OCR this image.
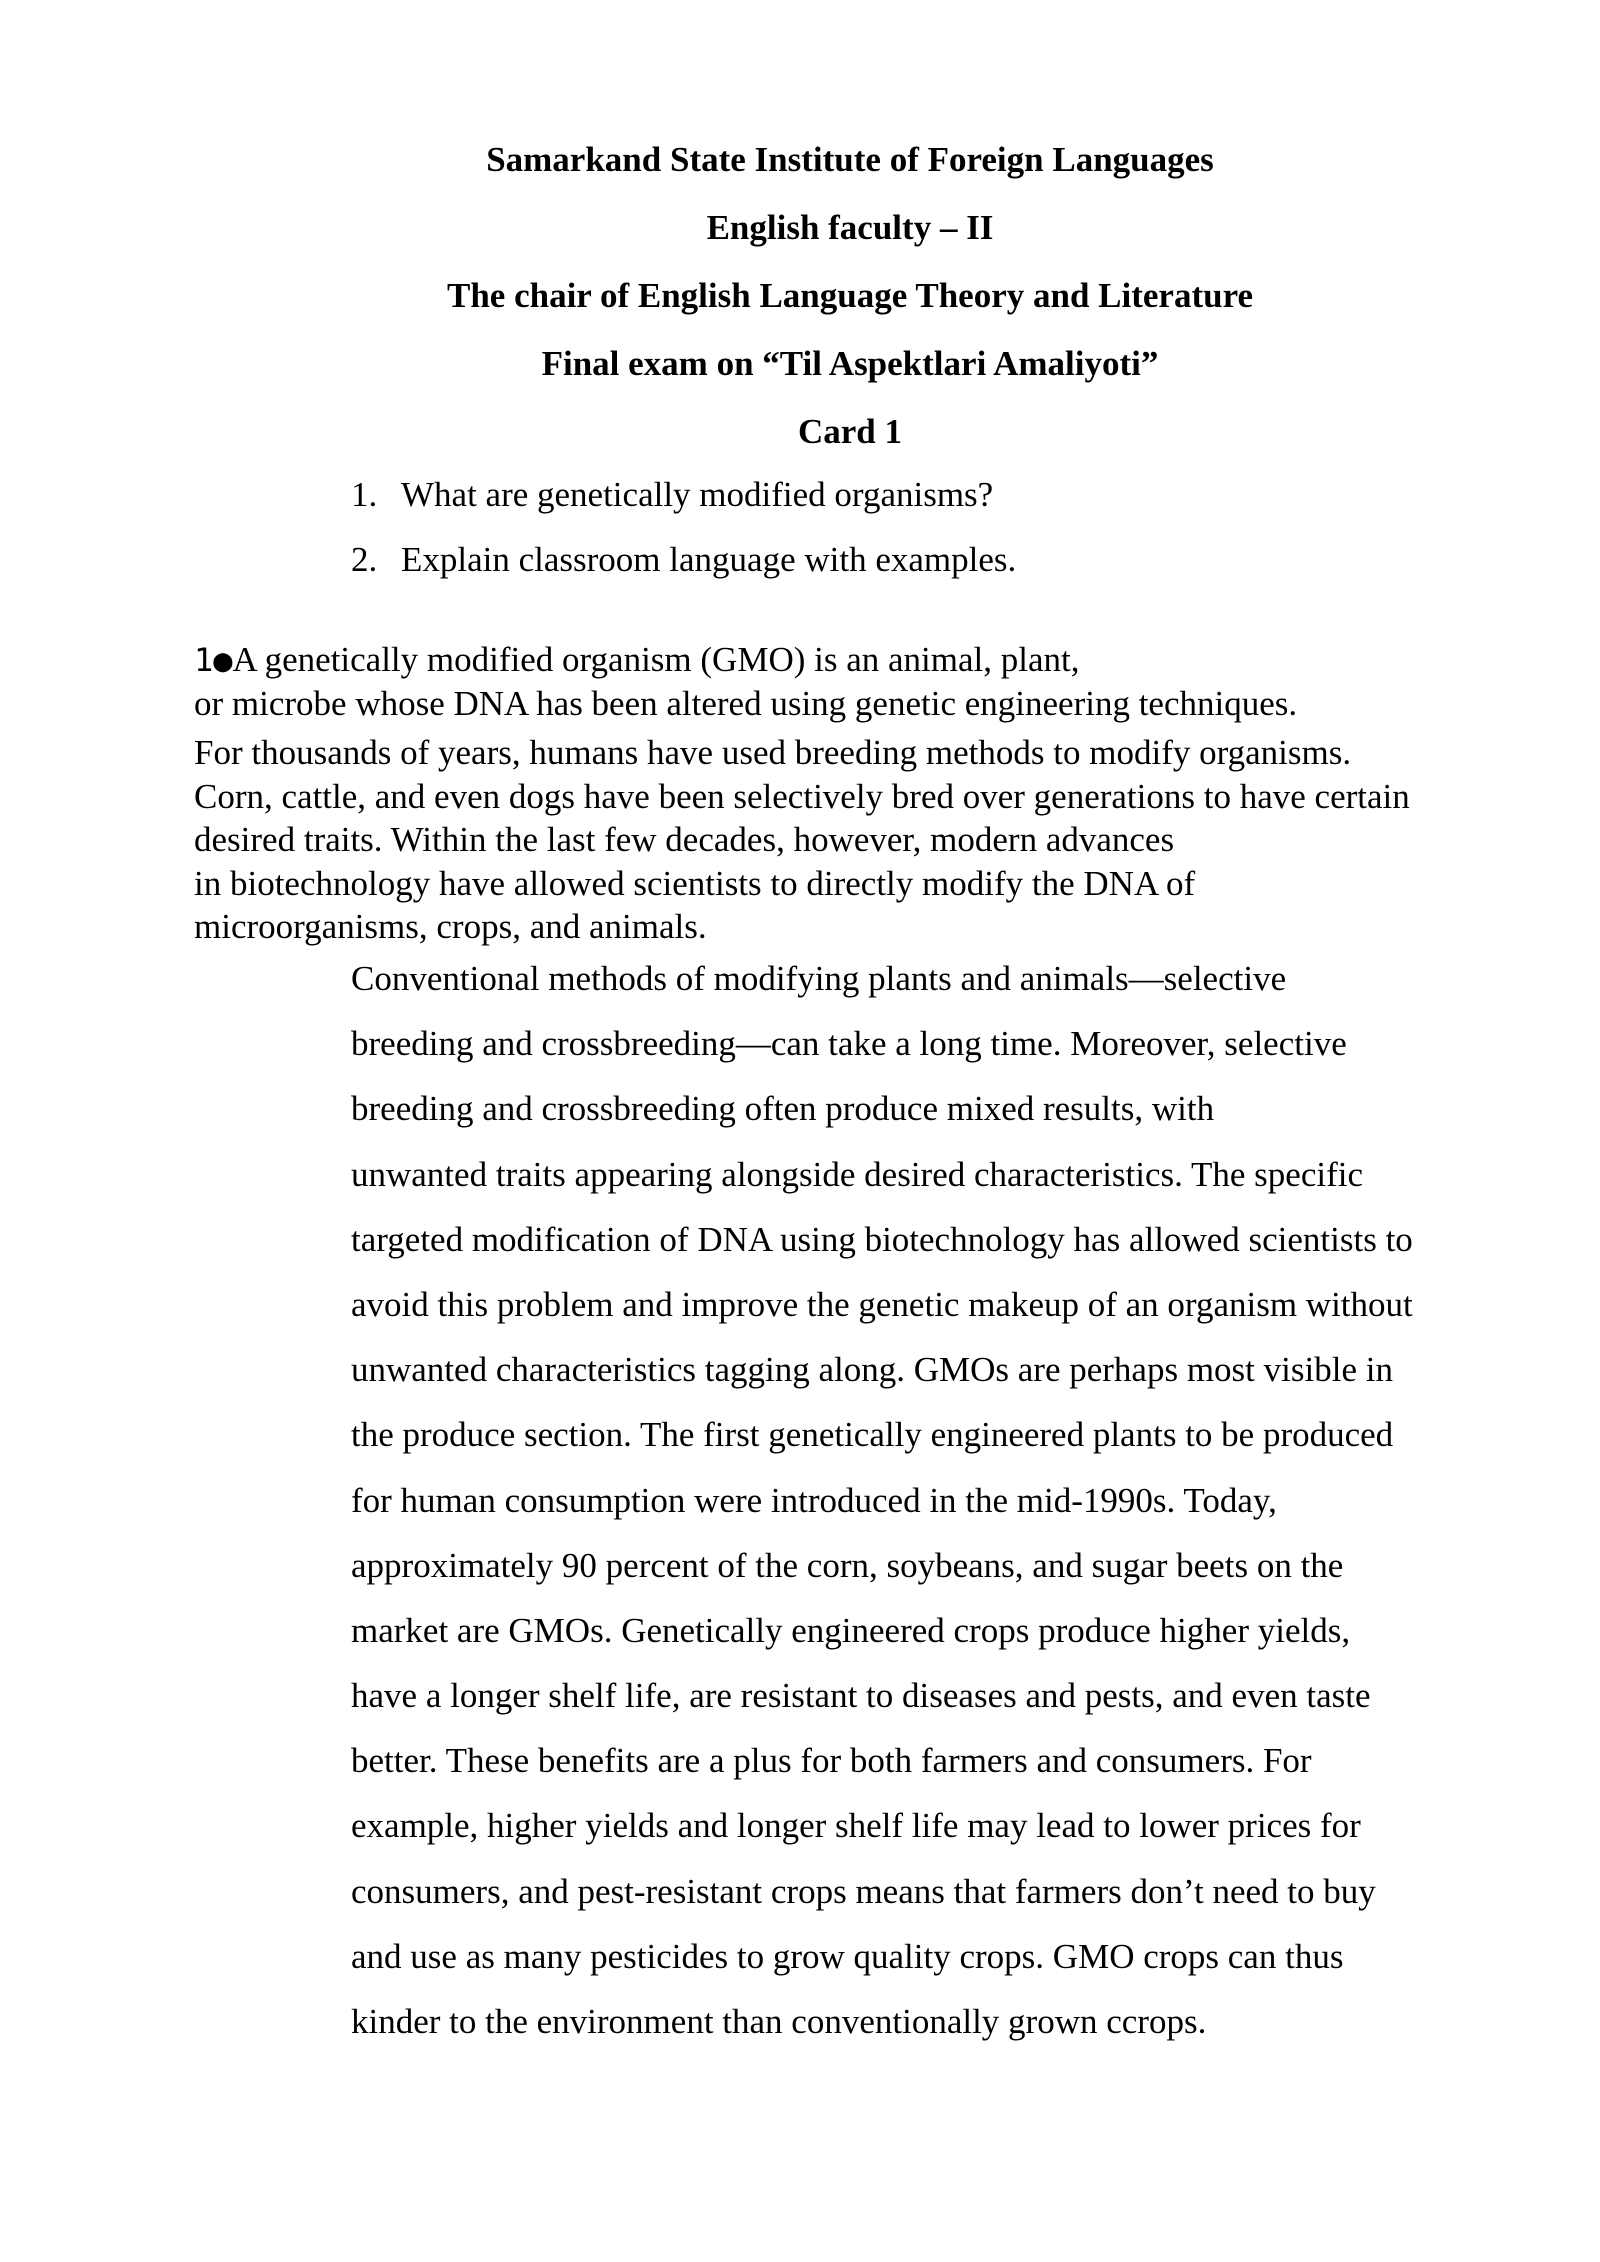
Samarkand State Institute of Foreign Languages
English faculty – II
The chair of English Language Theory and Literature
Final exam on “Til Aspektlari Amaliyoti”
Card 1
1. What are genetically modified organisms?
2. Explain classroom language with examples.
1●A genetically modified organism (GMO) is an animal, plant,
or microbe whose DNA has been altered using genetic engineering techniques.
For thousands of years, humans have used breeding methods to modify organisms.
Corn, cattle, and even dogs have been selectively bred over generations to have certain
desired traits. Within the last few decades, however, modern advances
in biotechnology have allowed scientists to directly modify the DNA of
microorganisms, crops, and animals.
Conventional methods of modifying plants and animals—selective
breeding and crossbreeding—can take a long time. Moreover, selective
breeding and crossbreeding often produce mixed results, with
unwanted traits appearing alongside desired characteristics. The specific
targeted modification of DNA using biotechnology has allowed scientists to
avoid this problem and improve the genetic makeup of an organism without
unwanted characteristics tagging along. GMOs are perhaps most visible in
the produce section. The first genetically engineered plants to be produced
for human consumption were introduced in the mid-1990s. Today,
approximately 90 percent of the corn, soybeans, and sugar beets on the
market are GMOs. Genetically engineered crops produce higher yields,
have a longer shelf life, are resistant to diseases and pests, and even taste
better. These benefits are a plus for both farmers and consumers. For
example, higher yields and longer shelf life may lead to lower prices for
consumers, and pest-resistant crops means that farmers don’t need to buy
and use as many pesticides to grow quality crops. GMO crops can thus
kinder to the environment than conventionally grown ccrops.
